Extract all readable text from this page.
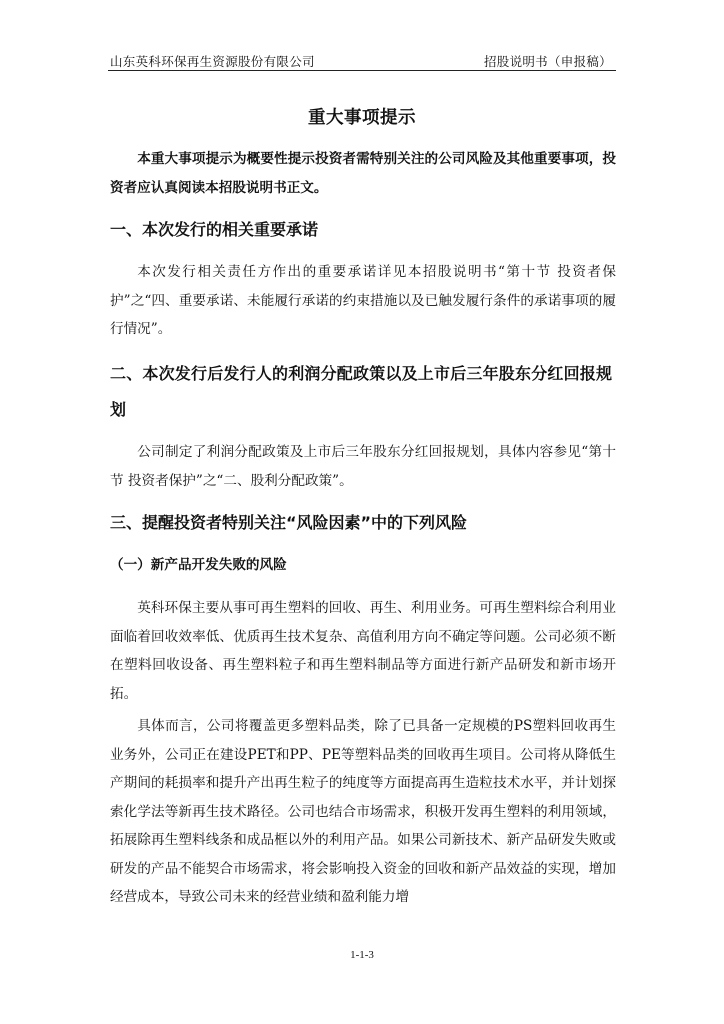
山东英科环保再生资源股份有限公司	招股说明书（申报稿）
重大事项提示

本重大事项提示为概要性提示投资者需特别关注的公司风险及其他重要事项，投资者应认真阅读本招股说明书正文。

一、本次发行的相关重要承诺

本次发行相关责任方作出的重要承诺详见本招股说明书“第十节 投资者保护”之“四、重要承诺、未能履行承诺的约束措施以及已触发履行条件的承诺事项的履行情况”。

二、本次发行后发行人的利润分配政策以及上市后三年股东分红回报规划

公司制定了利润分配政策及上市后三年股东分红回报规划，具体内容参见“第十节 投资者保护”之“二、股利分配政策”。

三、提醒投资者特别关注“风险因素”中的下列风险

（一）新产品开发失败的风险

英科环保主要从事可再生塑料的回收、再生、利用业务。可再生塑料综合利用业面临着回收效率低、优质再生技术复杂、高值利用方向不确定等问题。公司必须不断在塑料回收设备、再生塑料粒子和再生塑料制品等方面进行新产品研发和新市场开拓。

具体而言，公司将覆盖更多塑料品类，除了已具备一定规模的PS塑料回收再生业务外，公司正在建设PET和PP、PE等塑料品类的回收再生项目。公司将从降低生产期间的耗损率和提升产出再生粒子的纯度等方面提高再生造粒技术水平，并计划探索化学法等新再生技术路径。公司也结合市场需求，积极开发再生塑料的利用领域，拓展除再生塑料线条和成品框以外的利用产品。如果公司新技术、新产品研发失败或研发的产品不能契合市场需求，将会影响投入资金的回收和新产品效益的实现，增加经营成本，导致公司未来的经营业绩和盈利能力增

1-1-3
